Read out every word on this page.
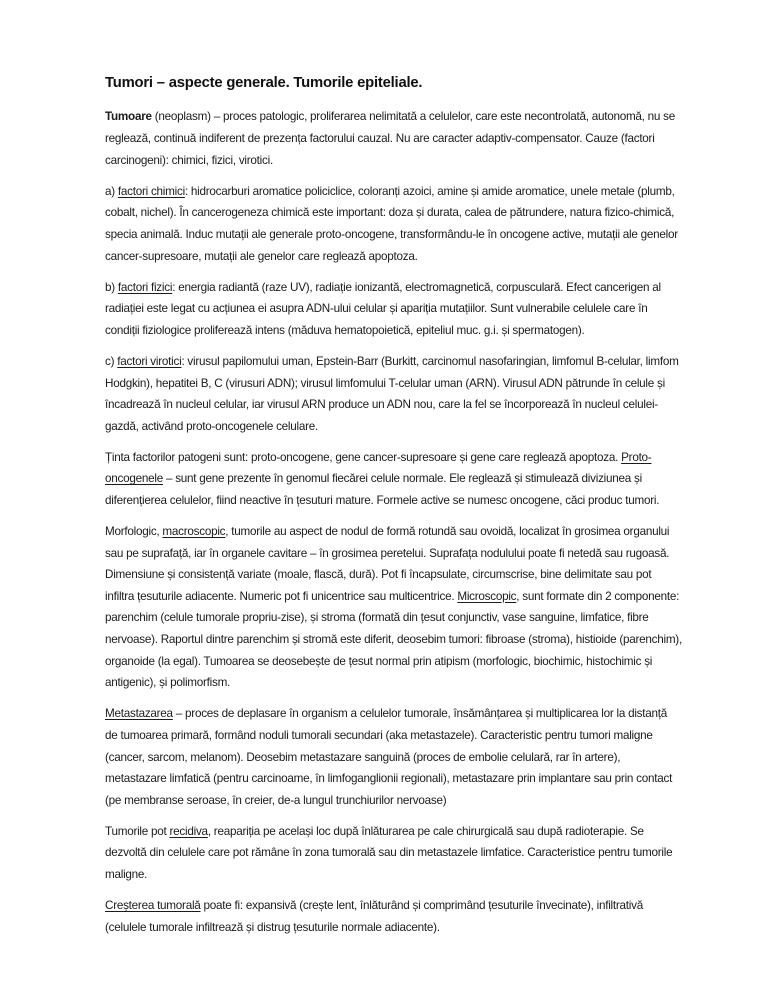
Tumori – aspecte generale. Tumorile epiteliale.

Tumoare (neoplasm) – proces patologic, proliferarea nelimitată a celulelor, care este necontrolată, autonomă, nu se reglează, continuă indiferent de prezența factorului cauzal. Nu are caracter adaptiv-compensator. Cauze (factori carcinogeni): chimici, fizici, virotici.

a) factori chimici: hidrocarburi aromatice policiclice, coloranți azoici, amine și amide aromatice, unele metale (plumb, cobalt, nichel). În cancerogeneza chimică este important: doza și durata, calea de pătrundere, natura fizico-chimică, specia animală. Induc mutații ale generale proto-oncogene, transformându-le în oncogene active, mutații ale genelor cancer-supresoare, mutații ale genelor care reglează apoptoza.

b) factori fizici: energia radiantă (raze UV), radiație ionizantă, electromagnetică, corpusculară. Efect cancerigen al radiației este legat cu acțiunea ei asupra ADN-ului celular și apariția mutațiilor. Sunt vulnerabile celulele care în condiții fiziologice proliferează intens (măduva hematopoietică, epiteliul muc. g.i. și spermatogen).

c) factori virotici: virusul papilomului uman, Epstein-Barr (Burkitt, carcinomul nasofaringian, limfomul B-celular, limfom Hodgkin), hepatitei B, C (virusuri ADN); virusul limfomului T-celular uman (ARN). Virusul ADN pătrunde în celule și încadrează în nucleul celular, iar virusul ARN produce un ADN nou, care la fel se încorporează în nucleul celulei-gazdă, activând proto-oncogenele celulare.

Ținta factorilor patogeni sunt: proto-oncogene, gene cancer-supresoare și gene care reglează apoptoza. Proto-oncogenele – sunt gene prezente în genomul fiecărei celule normale. Ele reglează și stimulează diviziunea și diferențierea celulelor, fiind neactive în țesuturi mature. Formele active se numesc oncogene, căci produc tumori.

Morfologic, macroscopic, tumorile au aspect de nodul de formă rotundă sau ovoidă, localizat în grosimea organului sau pe suprafață, iar în organele cavitare – în grosimea peretelui. Suprafața nodulului poate fi netedă sau rugoasă. Dimensiune și consistență variate (moale, flască, dură). Pot fi încapsulate, circumscrise, bine delimitate sau pot infiltra țesuturile adiacente. Numeric pot fi unicentrice sau multicentrice. Microscopic, sunt formate din 2 componente: parenchim (celule tumorale propriu-zise), și stroma (formată din țesut conjunctiv, vase sanguine, limfatice, fibre nervoase). Raportul dintre parenchim și stromă este diferit, deosebim tumori: fibroase (stroma), histioide (parenchim), organoide (la egal). Tumoarea se deosebește de țesut normal prin atipism (morfologic, biochimic, histochimic și antigenic), și polimorfism.

Metastazarea – proces de deplasare în organism a celulelor tumorale, însămânțarea și multiplicarea lor la distanță de tumoarea primară, formând noduli tumorali secundari (aka metastazele). Caracteristic pentru tumori maligne (cancer, sarcom, melanom). Deosebim metastazare sanguină (proces de embolie celulară, rar în artere), metastazare limfatică (pentru carcinoame, în limfoganglionii regionali), metastazare prin implantare sau prin contact (pe membranse seroase, în creier, de-a lungul trunchiurilor nervoase)

Tumorile pot recidiva, reapariția pe același loc după înlăturarea pe cale chirurgicală sau după radioterapie. Se dezvoltă din celulele care pot rămâne în zona tumorală sau din metastazele limfatice. Caracteristice pentru tumorile maligne.

Creșterea tumorală poate fi: expansivă (crește lent, înlăturând și comprimând țesuturile învecinate), infiltrativă (celulele tumorale infiltrează și distrug țesuturile normale adiacente).
